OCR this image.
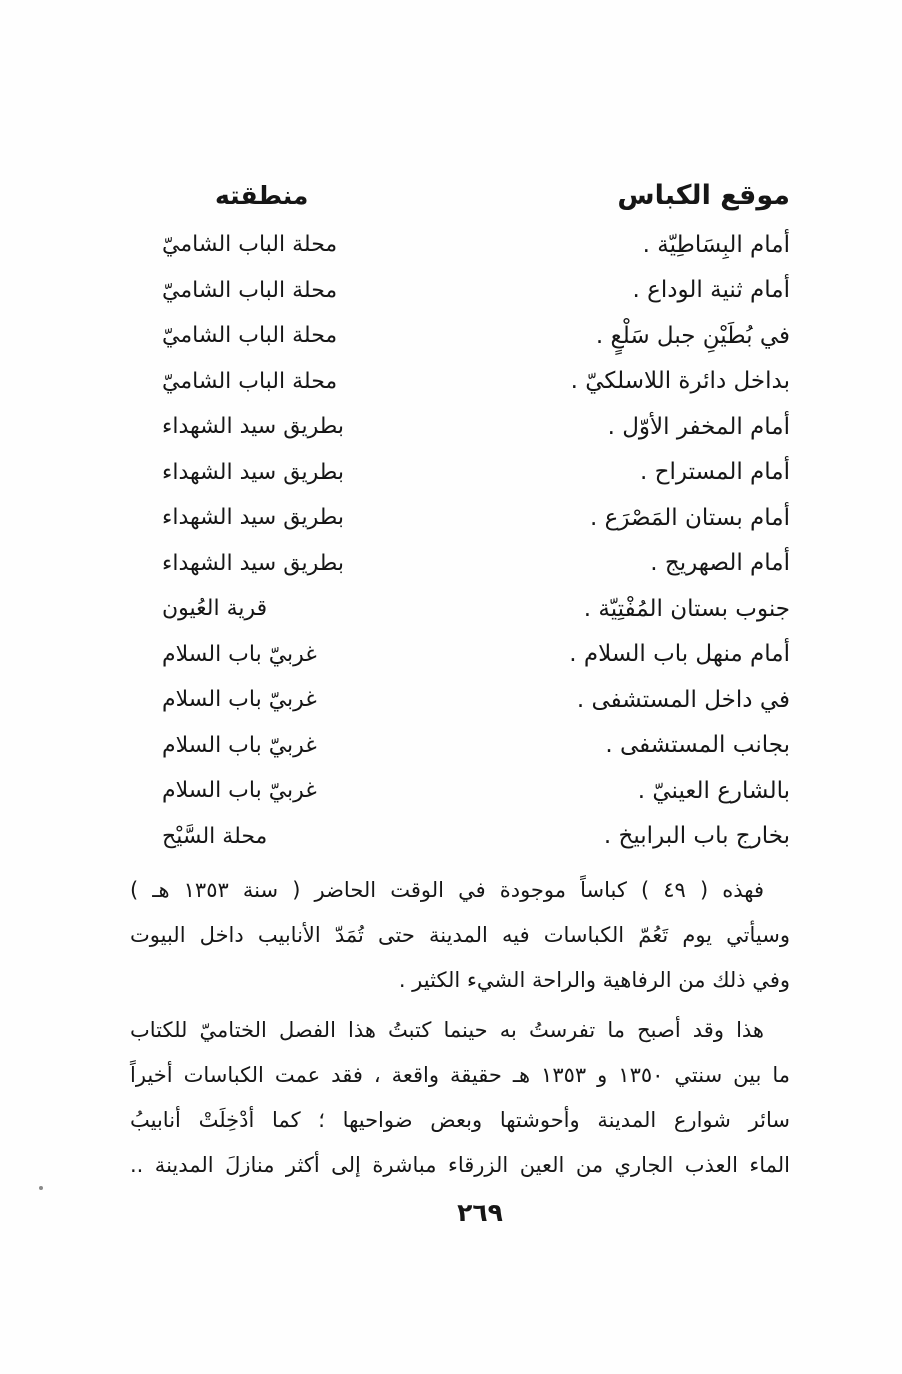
موقع الكباس
منطقته
أمام البِسَاطِيّة .
محلة الباب الشاميّ
أمام ثنية الوداع .
محلة الباب الشاميّ
في بُطَيْنِ جبل سَلْعٍ .
محلة الباب الشاميّ
بداخل دائرة اللاسلكيّ .
محلة الباب الشاميّ
أمام المخفر الأوّل .
بطريق سيد الشهداء
أمام المستراح .
بطريق سيد الشهداء
أمام بستان المَصْرَع .
بطريق سيد الشهداء
أمام الصهريج .
بطريق سيد الشهداء
جنوب بستان المُفْتِيّة .
قرية العُيون
أمام منهل باب السلام .
غربيّ باب السلام
في داخل المستشفى .
غربيّ باب السلام
بجانب المستشفى .
غربيّ باب السلام
بالشارع العينيّ .
غربيّ باب السلام
بخارج باب البرابيخ .
محلة السَّيْح
فهذه ( ٤٩ ) كباساً موجودة في الوقت الحاضر ( سنة ١٣٥٣ هـ )
وسيأتي يوم تَعُمّ الكباسات فيه المدينة حتى تُمَدّ الأنابيب داخل البيوت
وفي ذلك من الرفاهية والراحة الشيء الكثير .
هذا وقد أصبح ما تفرستُ به حينما كتبتُ هذا الفصل الختاميّ للكتاب
ما بين سنتي ١٣٥٠ و ١٣٥٣ هـ حقيقة واقعة ، فقد عمت الكباسات أخيراً
سائر شوارع المدينة وأحوشتها وبعض ضواحيها ؛ كما أدْخِلَتْ أنابيبُ
الماء العذب الجاري من العين الزرقاء مباشرة إلى أكثر منازلَ المدينة ..
٢٦٩
